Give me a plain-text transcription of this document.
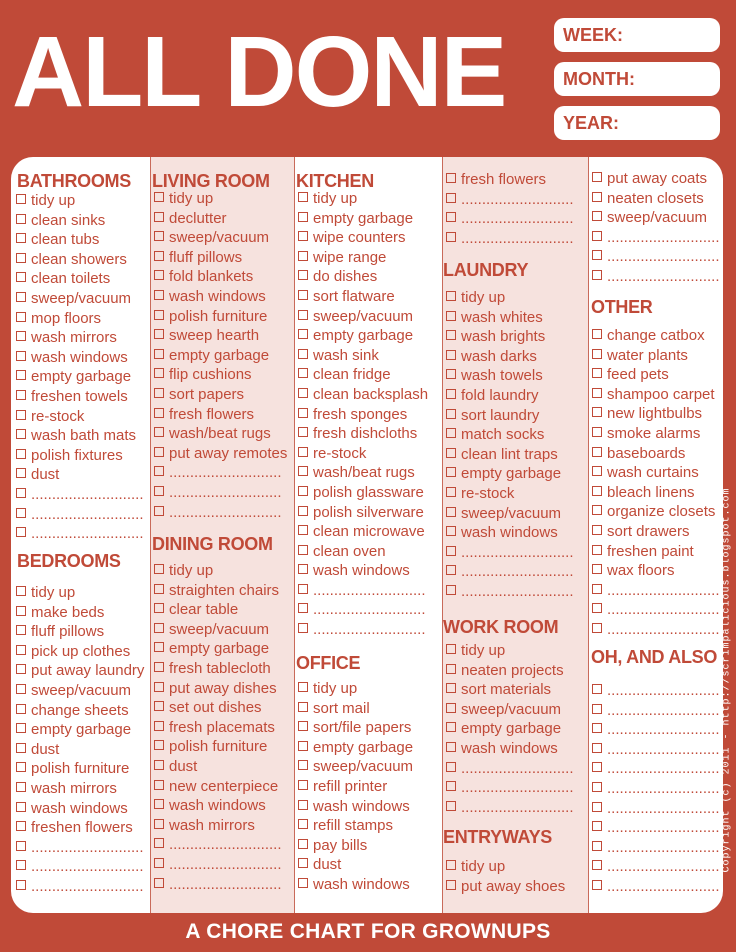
ALL DONE	WEEK:
MONTH:
YEAR:
BATHROOMS
tidy up
clean sinks
clean tubs
clean showers
clean toilets
sweep/vacuum
mop floors
wash mirrors
wash windows
empty garbage
freshen towels
re-stock
wash bath mats
polish fixtures
dust
...........................
...........................
...........................
BEDROOMS
tidy up
make beds
fluff pillows
pick up clothes
put away laundry
sweep/vacuum
change sheets
empty garbage
dust
polish furniture
wash mirrors
wash windows
freshen flowers
...........................
...........................
...........................
LIVING ROOM
tidy up
declutter
sweep/vacuum
fluff pillows
fold blankets
wash windows
polish furniture
sweep hearth
empty garbage
flip cushions
sort papers
fresh flowers
wash/beat rugs
put away remotes
...........................
...........................
...........................
DINING ROOM
tidy up
straighten chairs
clear table
sweep/vacuum
empty garbage
fresh tablecloth
put away dishes
set out dishes
fresh placemats
polish furniture
dust
new centerpiece
wash windows
wash mirrors
...........................
...........................
...........................
KITCHEN
tidy up
empty garbage
wipe counters
wipe range
do dishes
sort flatware
sweep/vacuum
empty garbage
wash sink
clean fridge
clean backsplash
fresh sponges
fresh dishcloths
re-stock
wash/beat rugs
polish glassware
polish silverware
clean microwave
clean oven
wash windows
...........................
...........................
...........................
OFFICE
tidy up
sort mail
sort/file papers
empty garbage
sweep/vacuum
refill printer
wash windows
refill stamps
pay bills
dust
wash windows
fresh flowers
...........................
...........................
...........................
LAUNDRY
tidy up
wash whites
wash brights
wash darks
wash towels
fold laundry
sort laundry
match socks
clean lint traps
empty garbage
re-stock
sweep/vacuum
wash windows
...........................
...........................
...........................
WORK ROOM
tidy up
neaten projects
sort materials
sweep/vacuum
empty garbage
wash windows
...........................
...........................
...........................
ENTRYWAYS
tidy up
put away shoes
put away coats
neaten closets
sweep/vacuum
...........................
...........................
...........................
OTHER
change catbox
water plants
feed pets
shampoo carpet
new lightbulbs
smoke alarms
baseboards
wash curtains
bleach linens
organize closets
sort drawers
freshen paint
wax floors
...........................
...........................
...........................
OH, AND ALSO
...........................
...........................
...........................
...........................
...........................
...........................
...........................
...........................
...........................
...........................
...........................
Copyright (c) 2011 - http://scrimpalicious.blogspot.com
A CHORE CHART FOR GROWNUPS
